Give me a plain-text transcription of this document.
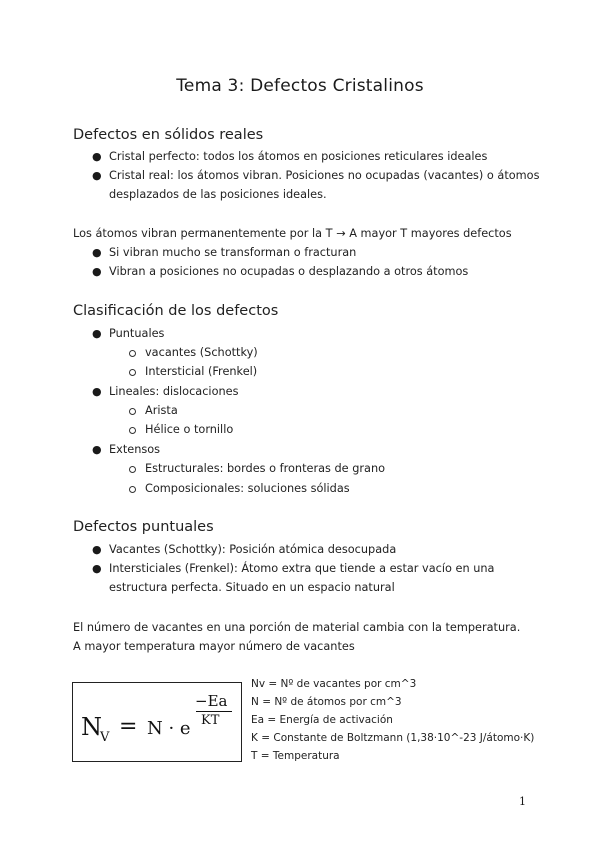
Tema 3: Defectos Cristalinos
Defectos en sólidos reales
● Cristal perfecto: todos los átomos en posiciones reticulares ideales
● Cristal real: los átomos vibran. Posiciones no ocupadas (vacantes) o átomos
desplazados de las posiciones ideales.
Los átomos vibran permanentemente por la T → A mayor T mayores defectos
● Si vibran mucho se transforman o fracturan
● Vibran a posiciones no ocupadas o desplazando a otros átomos
Clasificación de los defectos
● Puntuales
vacantes (Schottky)
Intersticial (Frenkel)
● Lineales: dislocaciones
Arista
Hélice o tornillo
● Extensos
Estructurales: bordes o fronteras de grano
Composicionales: soluciones sólidas
Defectos puntuales
● Vacantes (Schottky): Posición atómica desocupada
● Intersticiales (Frenkel): Átomo extra que tiende a estar vacío en una
estructura perfecta. Situado en un espacio natural
El número de vacantes en una porción de material cambia con la temperatura.
A mayor temperatura mayor número de vacantes
N
V = N · e
−Ea
KT
Nv = Nº de vacantes por cm^3
N = Nº de átomos por cm^3
Ea = Energía de activación
K = Constante de Boltzmann (1,38·10^-23 J/átomo·K)
T = Temperatura
1
